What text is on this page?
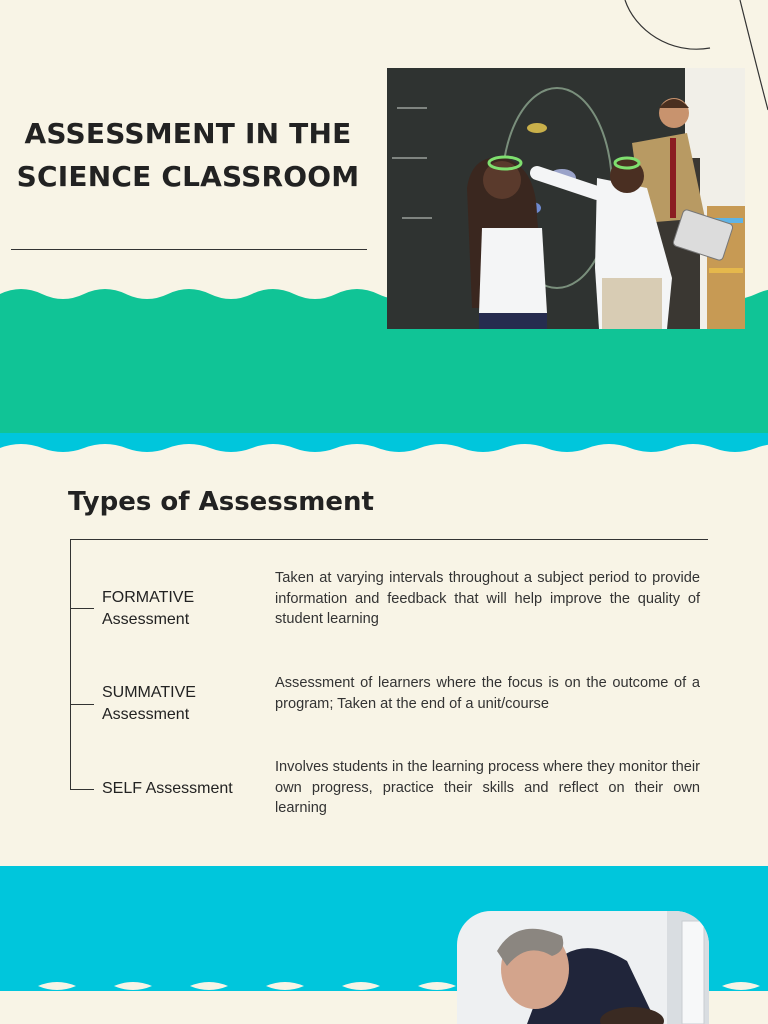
ASSESSMENT IN THE
SCIENCE CLASSROOM
Types of Assessment
FORMATIVE
Assessment
Taken at varying intervals throughout a subject period to provide information and feedback that will help improve the quality of student learning
SUMMATIVE
Assessment
Assessment of learners where the focus is on the outcome of a program; Taken at the end of a unit/course
SELF Assessment
Involves students in the learning process where they monitor their own progress, practice their skills and reflect on their own learning
